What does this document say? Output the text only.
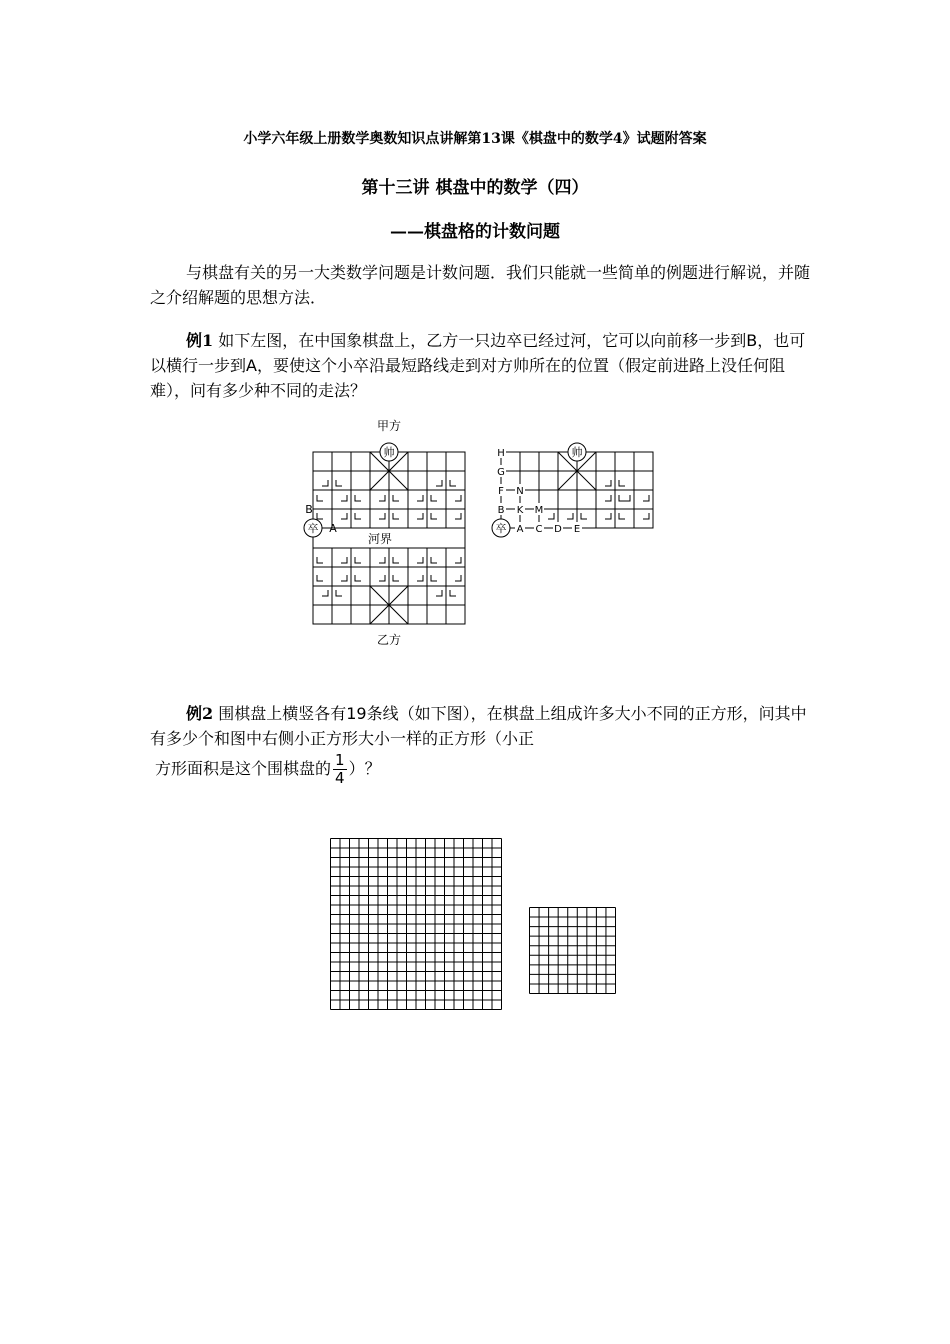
小学六年级上册数学奥数知识点讲解第13课《棋盘中的数学4》试题附答案
第十三讲 棋盘中的数学（四）
——棋盘格的计数问题
与棋盘有关的另一大类数学问题是计数问题．我们只能就一些简单的例题进行解说，并随之介绍解题的思想方法．
例1 如下左图，在中国象棋盘上，乙方一只边卒已经过河，它可以向前移一步到B，也可以横行一步到A，要使这个小卒沿最短路线走到对方帅所在的位置（假定前进路上没任何阻难），问有多少种不同的走法？
甲方
乙方
河界
帅
卒
B
A
H
G
F
B
N
K M
A C D E
帅
卒
例2 围棋盘上横竖各有19条线（如下图），在棋盘上组成许多大小不同的正方形，问其中有多少个和图中右侧小正方形大小一样的正方形（小正
方形面积是这个围棋盘的 $\frac{1}{4}$ ）？
